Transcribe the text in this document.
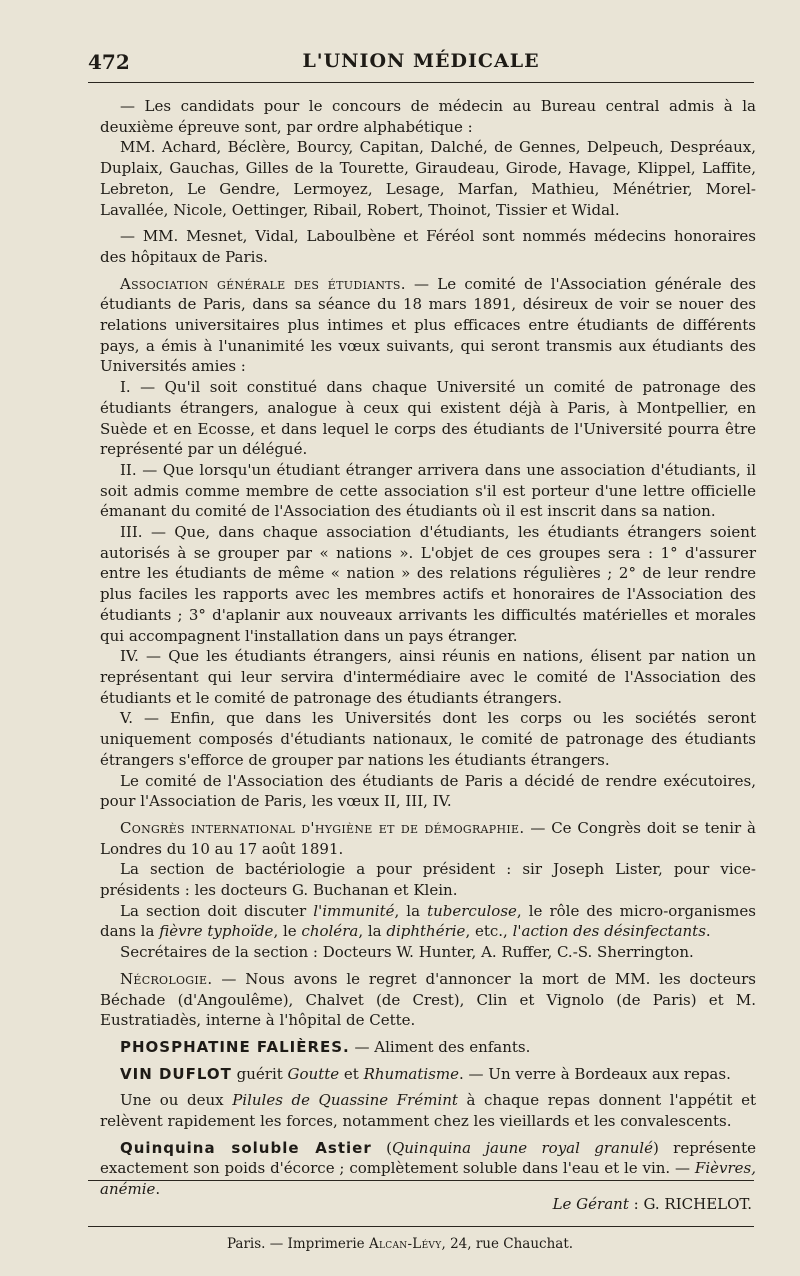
472	L'UNION MÉDICALE

— Les candidats pour le concours de médecin au Bureau central admis à la deuxième épreuve sont, par ordre alphabétique :

MM. Achard, Béclère, Bourcy, Capitan, Dalché, de Gennes, Delpeuch, Despréaux, Duplaix, Gauchas, Gilles de la Tourette, Giraudeau, Girode, Havage, Klippel, Laffite, Lebreton, Le Gendre, Lermoyez, Lesage, Marfan, Mathieu, Ménétrier, Morel-Lavallée, Nicole, Oettinger, Ribail, Robert, Thoinot, Tissier et Widal.

— MM. Mesnet, Vidal, Laboulbène et Féréol sont nommés médecins honoraires des hôpitaux de Paris.

Association générale des étudiants. — Le comité de l'Association générale des étudiants de Paris, dans sa séance du 18 mars 1891, désireux de voir se nouer des relations universitaires plus intimes et plus efficaces entre étudiants de différents pays, a émis à l'unanimité les vœux suivants, qui seront transmis aux étudiants des Universités amies :

I. — Qu'il soit constitué dans chaque Université un comité de patronage des étudiants étrangers, analogue à ceux qui existent déjà à Paris, à Montpellier, en Suède et en Ecosse, et dans lequel le corps des étudiants de l'Université pourra être représenté par un délégué.

II. — Que lorsqu'un étudiant étranger arrivera dans une association d'étudiants, il soit admis comme membre de cette association s'il est porteur d'une lettre officielle émanant du comité de l'Association des étudiants où il est inscrit dans sa nation.

III. — Que, dans chaque association d'étudiants, les étudiants étrangers soient autorisés à se grouper par « nations ». L'objet de ces groupes sera : 1° d'assurer entre les étudiants de même « nation » des relations régulières ; 2° de leur rendre plus faciles les rapports avec les membres actifs et honoraires de l'Association des étudiants ; 3° d'aplanir aux nouveaux arrivants les difficultés matérielles et morales qui accompagnent l'installation dans un pays étranger.

IV. — Que les étudiants étrangers, ainsi réunis en nations, élisent par nation un représentant qui leur servira d'intermédiaire avec le comité de l'Association des étudiants et le comité de patronage des étudiants étrangers.

V. — Enfin, que dans les Universités dont les corps ou les sociétés seront uniquement composés d'étudiants nationaux, le comité de patronage des étudiants étrangers s'efforce de grouper par nations les étudiants étrangers.

Le comité de l'Association des étudiants de Paris a décidé de rendre exécutoires, pour l'Association de Paris, les vœux II, III, IV.

Congrès international d'hygiène et de démographie. — Ce Congrès doit se tenir à Londres du 10 au 17 août 1891.

La section de bactériologie a pour président : sir Joseph Lister, pour vice-présidents : les docteurs G. Buchanan et Klein.

La section doit discuter l'immunité, la tuberculose, le rôle des micro-organismes dans la fièvre typhoïde, le choléra, la diphthérie, etc., l'action des désinfectants.

Secrétaires de la section : Docteurs W. Hunter, A. Ruffer, C.-S. Sherrington.

Nécrologie. — Nous avons le regret d'annoncer la mort de MM. les docteurs Béchade (d'Angoulême), Chalvet (de Crest), Clin et Vignolo (de Paris) et M. Eustratiadès, interne à l'hôpital de Cette.

PHOSPHATINE FALIÈRES. — Aliment des enfants.

VIN DUFLOT guérit Goutte et Rhumatisme. — Un verre à Bordeaux aux repas.

Une ou deux Pilules de Quassine Frémint à chaque repas donnent l'appétit et relèvent rapidement les forces, notamment chez les vieillards et les convalescents.

Quinquina soluble Astier (Quinquina jaune royal granulé) représente exactement son poids d'écorce ; complètement soluble dans l'eau et le vin. — Fièvres, anémie.

Le Gérant : G. RICHELOT.
Paris. — Imprimerie Alcan-Lévy, 24, rue Chauchat.
